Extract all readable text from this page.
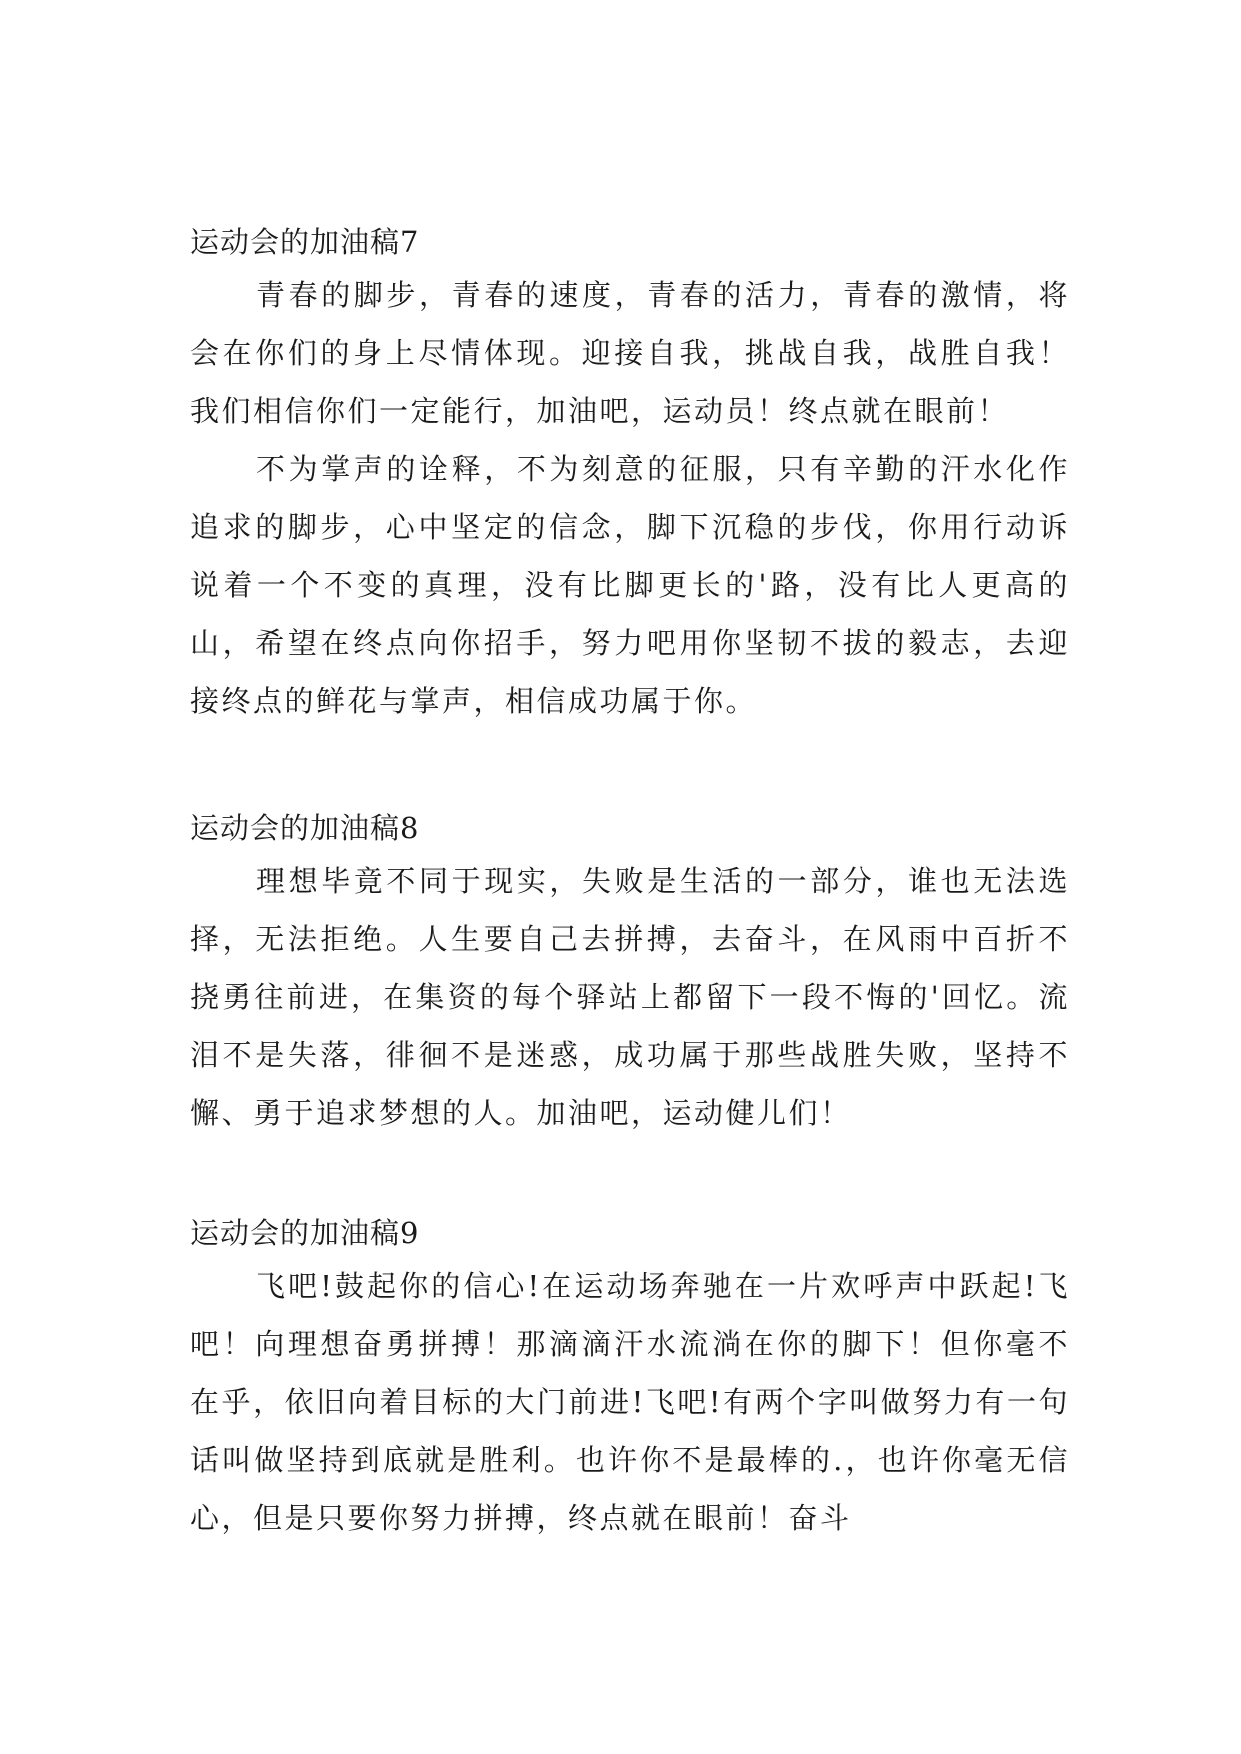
运动会的加油稿7

青春的脚步，青春的速度，青春的活力，青春的激情，将会在你们的身上尽情体现。迎接自我，挑战自我，战胜自我！我们相信你们一定能行，加油吧，运动员！终点就在眼前！

不为掌声的诠释，不为刻意的征服，只有辛勤的汗水化作追求的脚步，心中坚定的信念，脚下沉稳的步伐，你用行动诉说着一个不变的真理，没有比脚更长的'路，没有比人更高的山，希望在终点向你招手，努力吧用你坚韧不拔的毅志，去迎接终点的鲜花与掌声，相信成功属于你。

运动会的加油稿8

理想毕竟不同于现实，失败是生活的一部分，谁也无法选择，无法拒绝。人生要自己去拼搏，去奋斗，在风雨中百折不挠勇往前进，在集资的每个驿站上都留下一段不悔的'回忆。流泪不是失落，徘徊不是迷惑，成功属于那些战胜失败，坚持不懈、勇于追求梦想的人。加油吧，运动健儿们！

运动会的加油稿9

飞吧!鼓起你的信心!在运动场奔驰在一片欢呼声中跃起!飞吧！向理想奋勇拼搏！那滴滴汗水流淌在你的脚下！但你毫不在乎，依旧向着目标的大门前进!飞吧!有两个字叫做努力有一句话叫做坚持到底就是胜利。也许你不是最棒的.，也许你毫无信心，但是只要你努力拼搏，终点就在眼前！奋斗
